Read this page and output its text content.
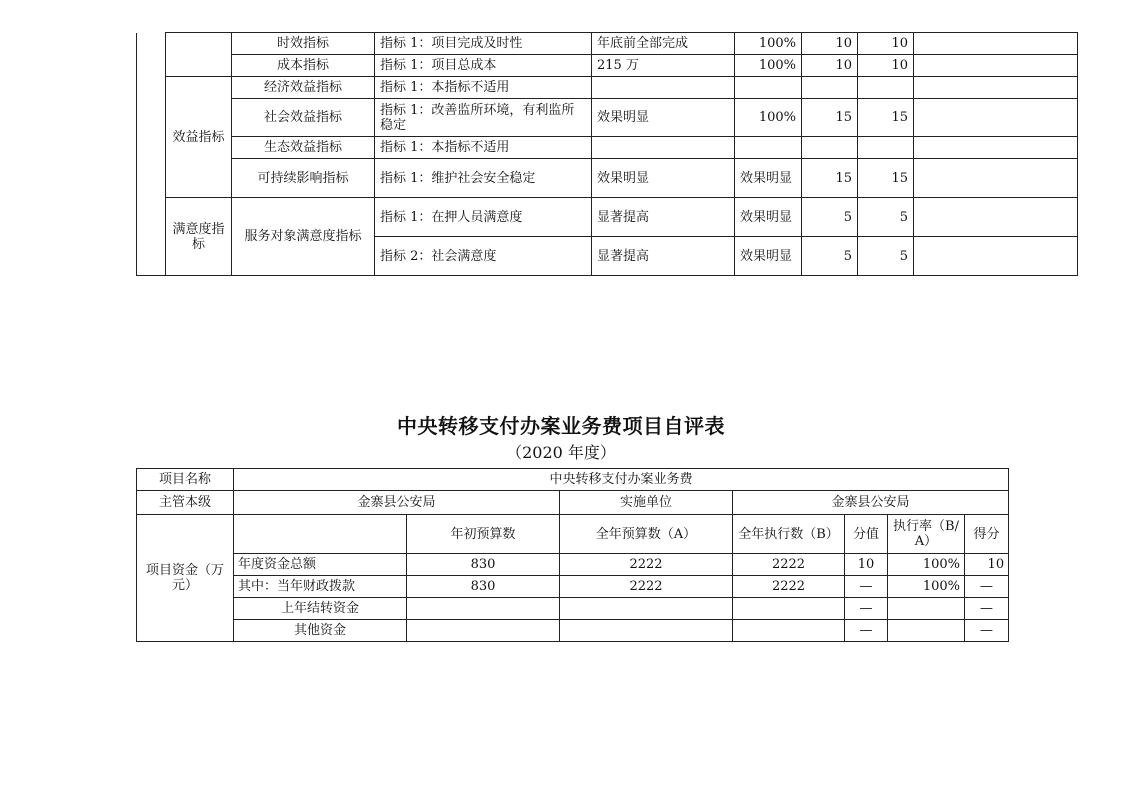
		时效指标	指标 1：项目完成及时性	年底前全部完成	100%	10	10	
		成本指标	指标 1：项目总成本	215 万	100%	10	10	
	效益指标	经济效益指标	指标 1：本指标不适用					
		社会效益指标	指标 1：改善监所环境，有利监所稳定	效果明显	100%	15	15	
		生态效益指标	指标 1：本指标不适用					
		可持续影响指标	指标 1：维护社会安全稳定	效果明显	效果明显	15	15	
	满意度指标	服务对象满意度指标	指标 1：在押人员满意度	显著提高	效果明显	5	5	
			指标 2：社会满意度	显著提高	效果明显	5	5	
中央转移支付办案业务费项目自评表
（2020 年度）
项目名称	中央转移支付办案业务费						
主管本级	金寨县公安局		实施单位	金寨县公安局			
项目资金（万元）		年初预算数	全年预算数（A）	全年执行数（B）	分值	执行率（B/A）	得分
	年度资金总额	830	2222	2222	10	100%	10
	其中：当年财政拨款	830	2222	2222	—	100%	—
	上年结转资金				—		—
	其他资金				—		—
